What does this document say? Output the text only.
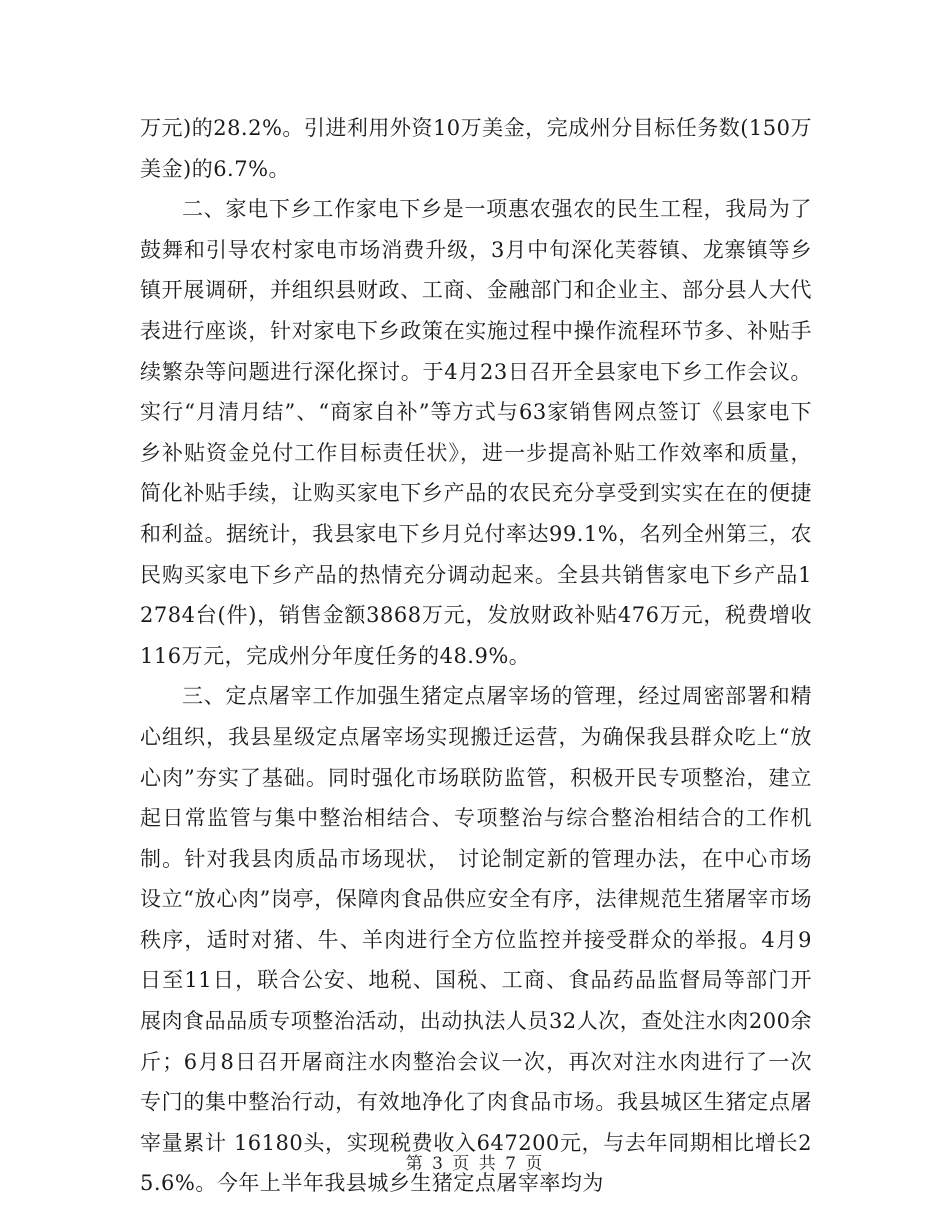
万元)的28.2%。引进利用外资10万美金，完成州分目标任务数(150万美金)的6.7%。

二、家电下乡工作家电下乡是一项惠农强农的民生工程，我局为了鼓舞和引导农村家电市场消费升级，3月中旬深化芙蓉镇、龙寨镇等乡镇开展调研，并组织县财政、工商、金融部门和企业主、部分县人大代表进行座谈，针对家电下乡政策在实施过程中操作流程环节多、补贴手续繁杂等问题进行深化探讨。于4月23日召开全县家电下乡工作会议。实行“月清月结”、“商家自补”等方式与63家销售网点签订《县家电下乡补贴资金兑付工作目标责任状》，进一步提高补贴工作效率和质量，简化补贴手续，让购买家电下乡产品的农民充分享受到实实在在的便捷和利益。据统计，我县家电下乡月兑付率达99.1%，名列全州第三，农民购买家电下乡产品的热情充分调动起来。全县共销售家电下乡产品12784台(件)，销售金额3868万元，发放财政补贴476万元，税费增收116万元，完成州分年度任务的48.9%。

三、定点屠宰工作加强生猪定点屠宰场的管理，经过周密部署和精心组织，我县星级定点屠宰场实现搬迁运营，为确保我县群众吃上“放心肉”夯实了基础。同时强化市场联防监管，积极开民专项整治，建立起日常监管与集中整治相结合、专项整治与综合整治相结合的工作机制。针对我县肉质品市场现状， 讨论制定新的管理办法，在中心市场设立“放心肉”岗亭，保障肉食品供应安全有序，法律规范生猪屠宰市场秩序，适时对猪、牛、羊肉进行全方位监控并接受群众的举报。4月9日至11日，联合公安、地税、国税、工商、食品药品监督局等部门开展肉食品品质专项整治活动，出动执法人员32人次，查处注水肉200余斤；6月8日召开屠商注水肉整治会议一次，再次对注水肉进行了一次专门的集中整治行动，有效地净化了肉食品市场。我县城区生猪定点屠宰量累计 16180头，实现税费收入647200元，与去年同期相比增长25.6%。今年上半年我县城乡生猪定点屠宰率均为

第 3 页 共 7 页
